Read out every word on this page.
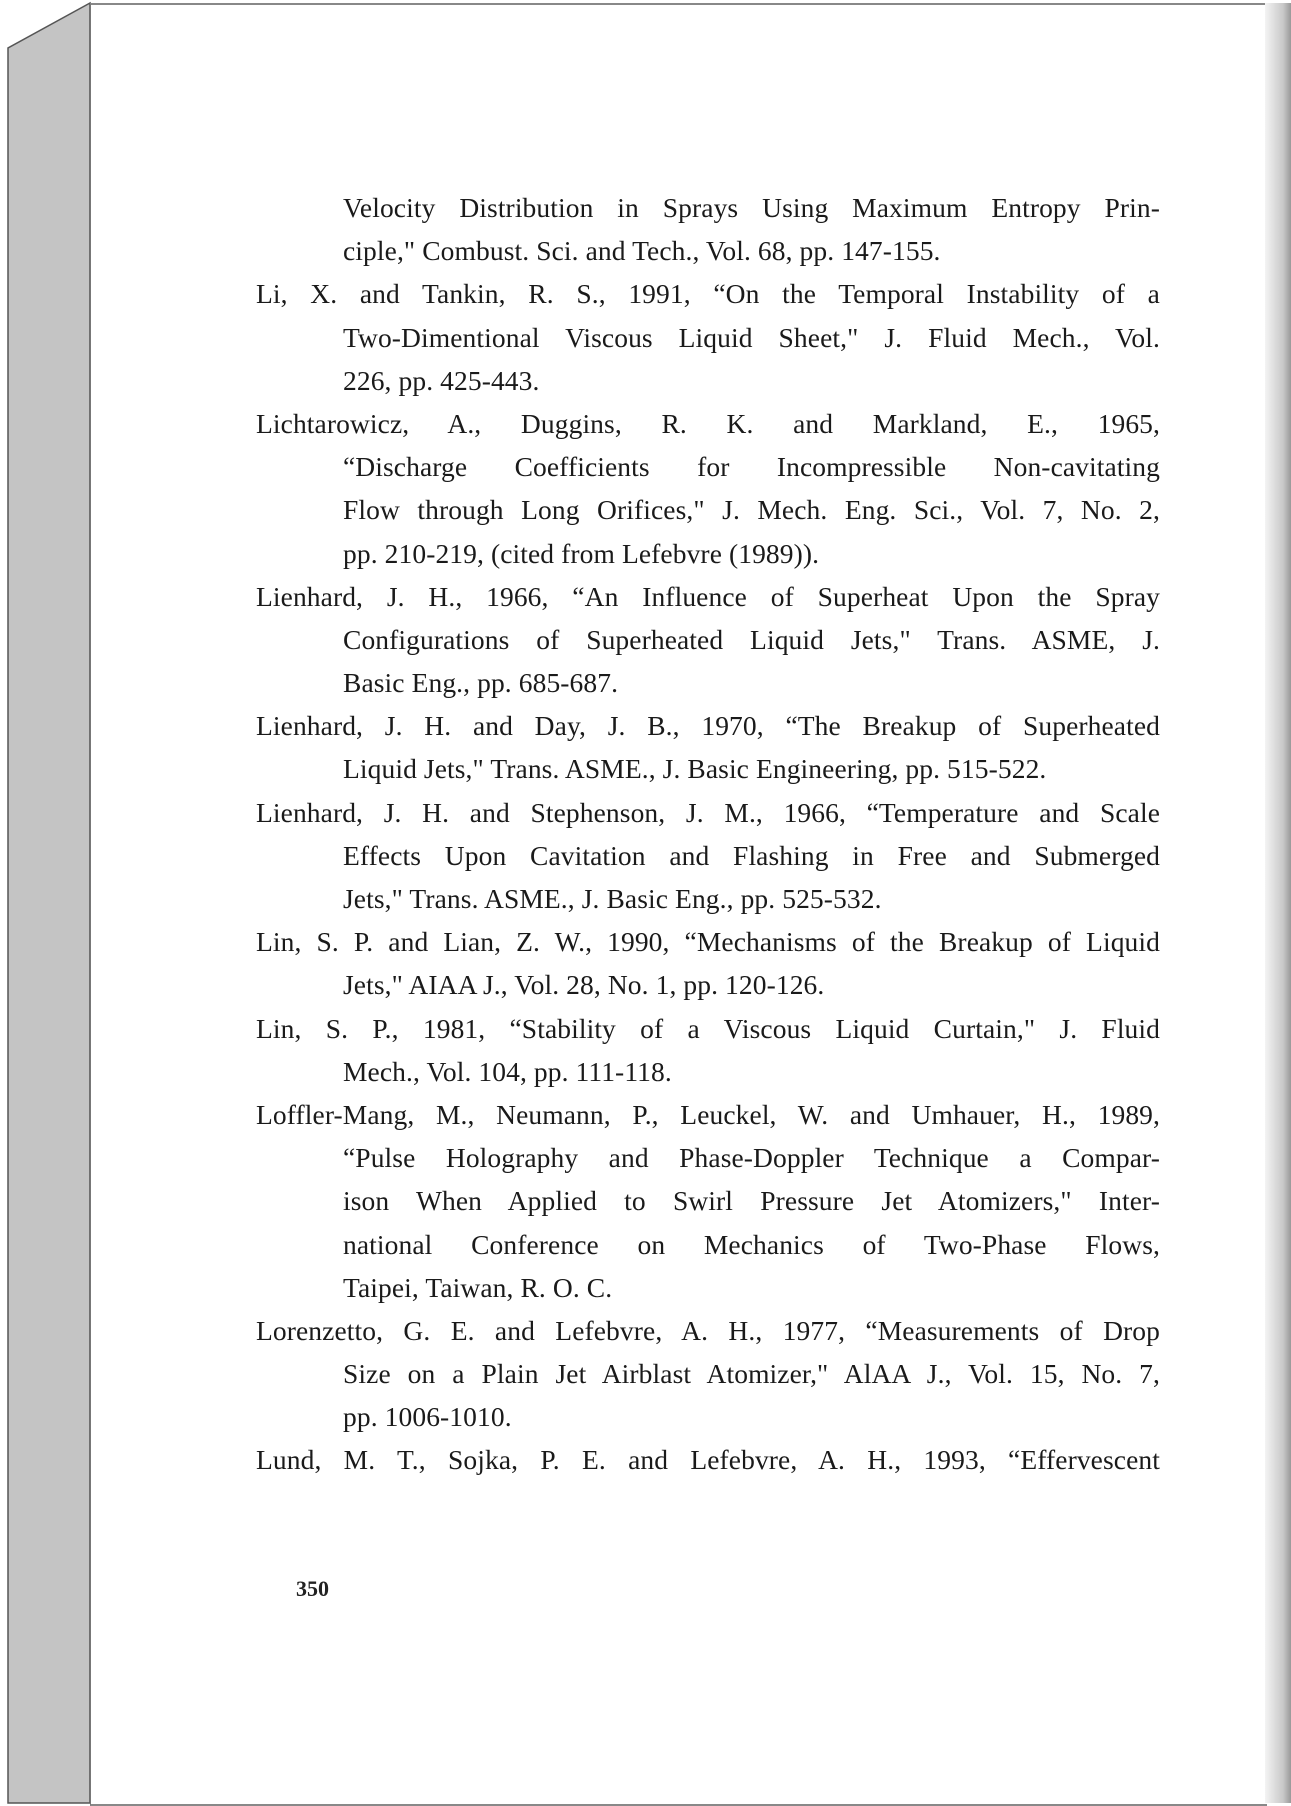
Velocity Distribution in Sprays Using Maximum Entropy Prin-
ciple," Combust. Sci. and Tech., Vol. 68, pp. 147-155.
Li, X. and Tankin, R. S., 1991, “On the Temporal Instability of a
Two-Dimentional Viscous Liquid Sheet," J. Fluid Mech., Vol.
226, pp. 425-443.
Lichtarowicz, A., Duggins, R. K. and Markland, E., 1965,
“Discharge Coefficients for Incompressible Non-cavitating
Flow through Long Orifices," J. Mech. Eng. Sci., Vol. 7, No. 2,
pp. 210-219, (cited from Lefebvre (1989)).
Lienhard, J. H., 1966, “An Influence of Superheat Upon the Spray
Configurations of Superheated Liquid Jets," Trans. ASME, J.
Basic Eng., pp. 685-687.
Lienhard, J. H. and Day, J. B., 1970, “The Breakup of Superheated
Liquid Jets," Trans. ASME., J. Basic Engineering, pp. 515-522.
Lienhard, J. H. and Stephenson, J. M., 1966, “Temperature and Scale
Effects Upon Cavitation and Flashing in Free and Submerged
Jets," Trans. ASME., J. Basic Eng., pp. 525-532.
Lin, S. P. and Lian, Z. W., 1990, “Mechanisms of the Breakup of Liquid
Jets," AIAA J., Vol. 28, No. 1, pp. 120-126.
Lin, S. P., 1981, “Stability of a Viscous Liquid Curtain," J. Fluid
Mech., Vol. 104, pp. 111-118.
Loffler-Mang, M., Neumann, P., Leuckel, W. and Umhauer, H., 1989,
“Pulse Holography and Phase-Doppler Technique a Compar-
ison When Applied to Swirl Pressure Jet Atomizers," Inter-
national Conference on Mechanics of Two-Phase Flows,
Taipei, Taiwan, R. O. C.
Lorenzetto, G. E. and Lefebvre, A. H., 1977, “Measurements of Drop
Size on a Plain Jet Airblast Atomizer," AlAA J., Vol. 15, No. 7,
pp. 1006-1010.
Lund, M. T., Sojka, P. E. and Lefebvre, A. H., 1993, “Effervescent
350
